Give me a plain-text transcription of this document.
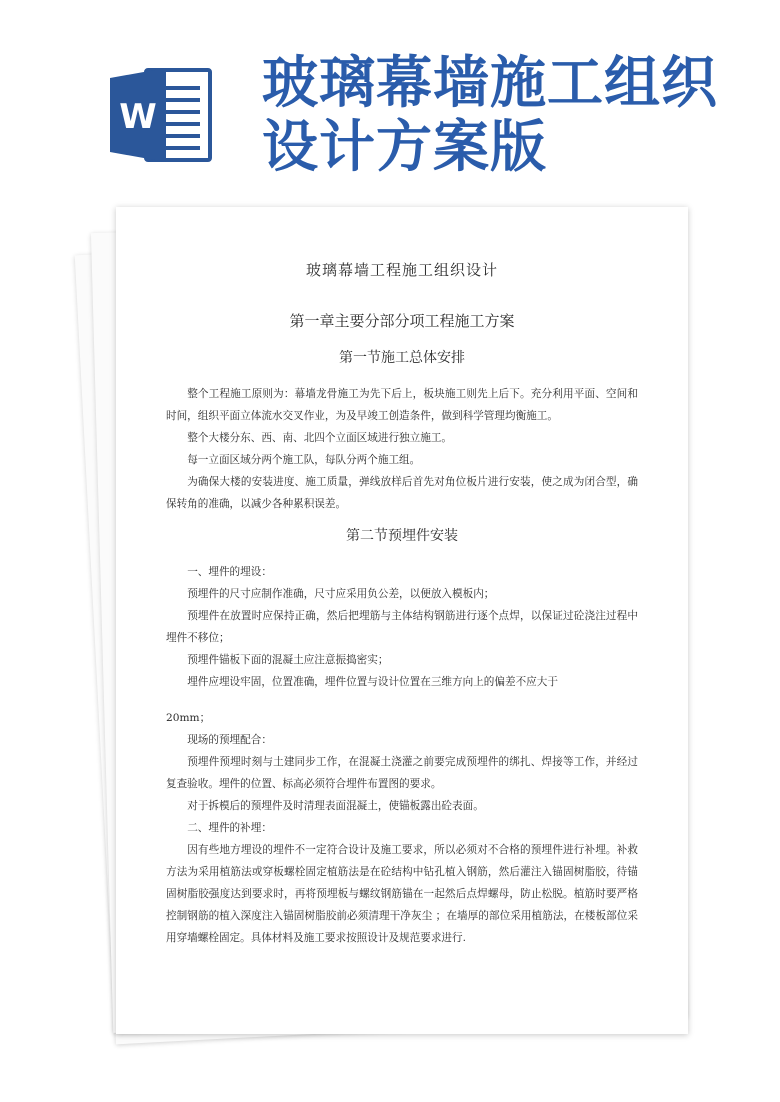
W
玻璃幕墙施工组织
设计方案版
玻璃幕墙工程施工组织设计
第一章主要分部分项工程施工方案
第一节施工总体安排

整个工程施工原则为：幕墙龙骨施工为先下后上，板块施工则先上后下。充分利用平面、空间和时间，组织平面立体流水交叉作业，为及早竣工创造条件，做到科学管理均衡施工。

整个大楼分东、西、南、北四个立面区域进行独立施工。

每一立面区域分两个施工队，每队分两个施工组。

为确保大楼的安装进度、施工质量，弹线放样后首先对角位板片进行安装，使之成为闭合型，确保转角的准确，以减少各种累积误差。

第二节预埋件安装

一、埋件的埋设：

预埋件的尺寸应制作准确，尺寸应采用负公差，以便放入模板内；

预埋件在放置时应保持正确，然后把埋筋与主体结构钢筋进行逐个点焊，以保证过砼浇注过程中埋件不移位；

预埋件锚板下面的混凝土应注意振捣密实；

埋件应埋设牢固，位置准确，埋件位置与设计位置在三维方向上的偏差不应大于

20mm；

现场的预埋配合：

预埋件预埋时刻与土建同步工作，在混凝土浇灌之前要完成预埋件的绑扎、焊接等工作，并经过复查验收。埋件的位置、标高必须符合埋件布置图的要求。

对于拆模后的预埋件及时清理表面混凝土，使锚板露出砼表面。

二、埋件的补埋：

因有些地方埋设的埋件不一定符合设计及施工要求，所以必须对不合格的预埋件进行补埋。补救方法为采用植筋法或穿板螺栓固定植筋法是在砼结构中钻孔植入钢筋，然后灌注入锚固树脂胶，待锚固树脂胶强度达到要求时，再将预埋板与螺纹钢筋锚在一起然后点焊螺母，防止松脱。植筋时要严格控制钢筋的植入深度注入锚固树脂胶前必须清理干净灰尘 ；在墙厚的部位采用植筋法，在楼板部位采用穿墙螺栓固定。具体材料及施工要求按照设计及规范要求进行.
